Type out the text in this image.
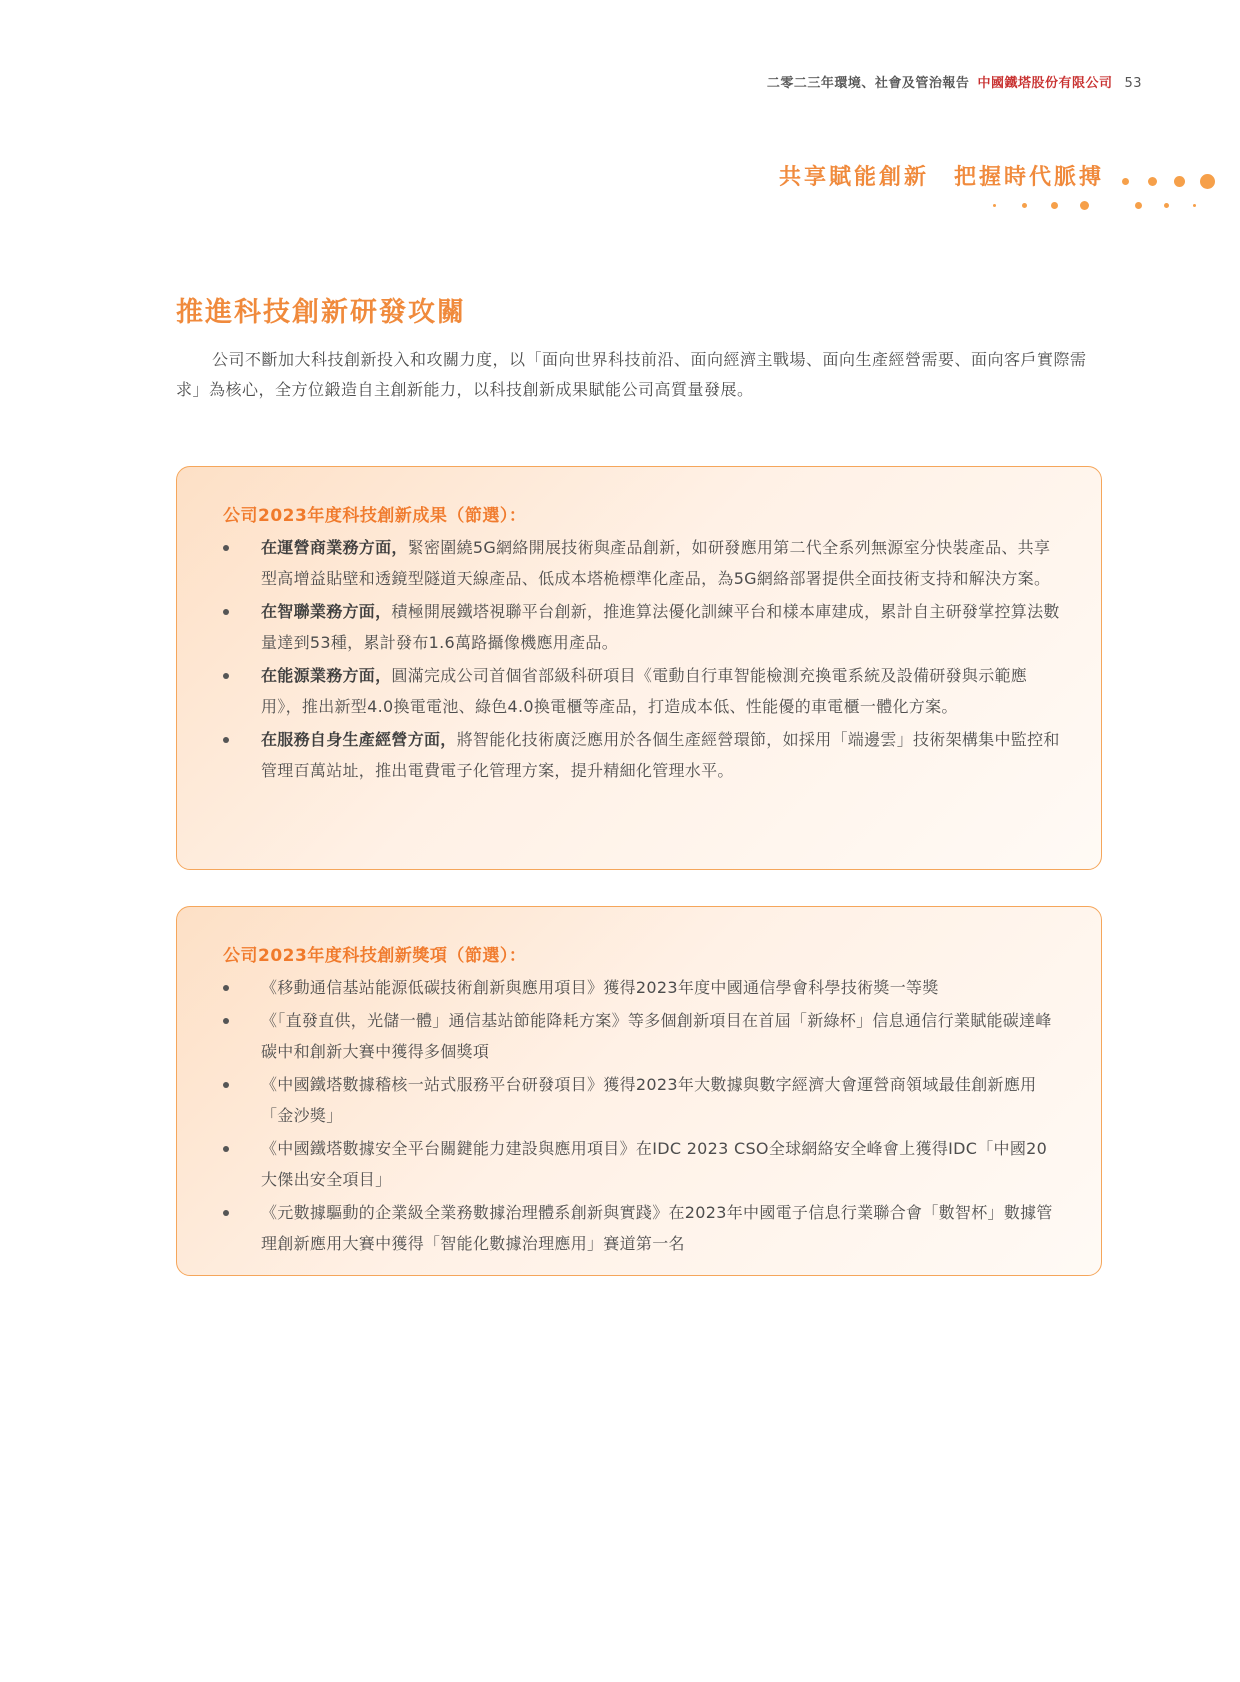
二零二三年環境、社會及管治報告 中國鐵塔股份有限公司 53
共享賦能創新　把握時代脈搏
推進科技創新研發攻關

公司不斷加大科技創新投入和攻關力度，以「面向世界科技前沿、面向經濟主戰場、面向生產經營需要、面向客戶實際需求」為核心，全方位鍛造自主創新能力，以科技創新成果賦能公司高質量發展。

公司2023年度科技創新成果（節選）：
在運營商業務方面，緊密圍繞5G網絡開展技術與產品創新，如研發應用第二代全系列無源室分快裝產品、共享型高增益貼壁和透鏡型隧道天線產品、低成本塔桅標準化產品，為5G網絡部署提供全面技術支持和解決方案。
在智聯業務方面，積極開展鐵塔視聯平台創新，推進算法優化訓練平台和樣本庫建成，累計自主研發掌控算法數量達到53種，累計發布1.6萬路攝像機應用產品。
在能源業務方面，圓滿完成公司首個省部級科研項目《電動自行車智能檢測充換電系統及設備研發與示範應用》，推出新型4.0換電電池、綠色4.0換電櫃等產品，打造成本低、性能優的車電櫃一體化方案。
在服務自身生產經營方面，將智能化技術廣泛應用於各個生產經營環節，如採用「端邊雲」技術架構集中監控和管理百萬站址，推出電費電子化管理方案，提升精細化管理水平。
公司2023年度科技創新獎項（節選）：
《移動通信基站能源低碳技術創新與應用項目》獲得2023年度中國通信學會科學技術獎一等獎
《「直發直供，光儲一體」通信基站節能降耗方案》等多個創新項目在首屆「新綠杯」信息通信行業賦能碳達峰碳中和創新大賽中獲得多個獎項
《中國鐵塔數據稽核一站式服務平台研發項目》獲得2023年大數據與數字經濟大會運營商領域最佳創新應用「金沙獎」
《中國鐵塔數據安全平台關鍵能力建設與應用項目》在IDC 2023 CSO全球網絡安全峰會上獲得IDC「中國20大傑出安全項目」
《元數據驅動的企業級全業務數據治理體系創新與實踐》在2023年中國電子信息行業聯合會「數智杯」數據管理創新應用大賽中獲得「智能化數據治理應用」賽道第一名
